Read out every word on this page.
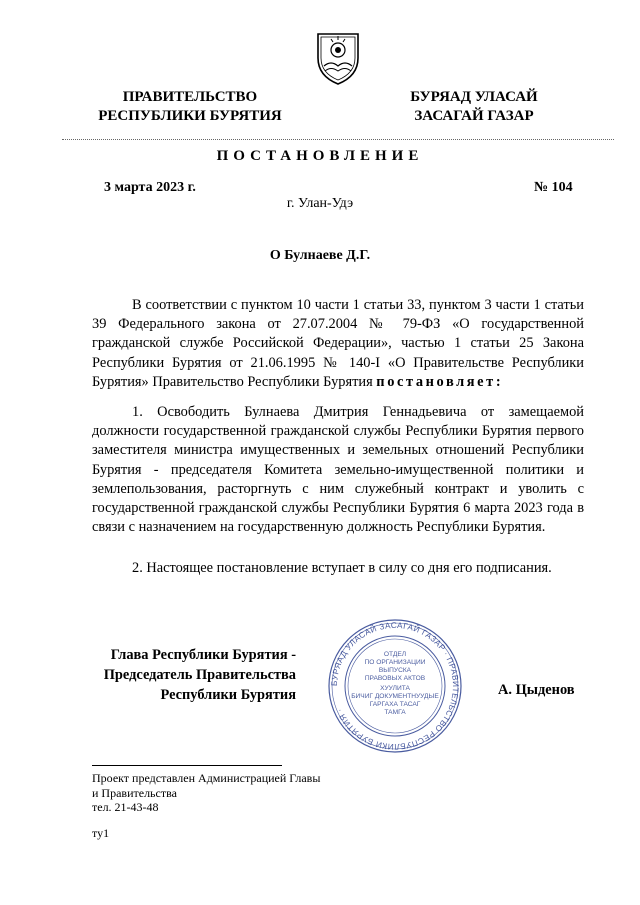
ПРАВИТЕЛЬСТВО
РЕСПУБЛИКИ БУРЯТИЯ
БУРЯАД УЛАСАЙ
ЗАСАГАЙ ГАЗАР
ПОСТАНОВЛЕНИЕ
3 марта 2023 г.	№ 104
г. Улан-Удэ
О Булнаеве Д.Г.
В соответствии с пунктом 10 части 1 статьи 33, пунктом 3 части 1 статьи 39 Федерального закона от 27.07.2004 № 79-ФЗ «О государственной гражданской службе Российской Федерации», частью 1 статьи 25 Закона Республики Бурятия от 21.06.1995 № 140-I «О Правительстве Республики Бурятия» Правительство Республики Бурятия постановляет:
1. Освободить Булнаева Дмитрия Геннадьевича от замещаемой должности государственной гражданской службы Республики Бурятия первого заместителя министра имущественных и земельных отношений Республики Бурятия - председателя Комитета земельно-имущественной политики и землепользования, расторгнуть с ним служебный контракт и уволить с государственной гражданской службы Республики Бурятия 6 марта 2023 года в связи с назначением на государственную должность Республики Бурятия.
2. Настоящее постановление вступает в силу со дня его подписания.
Глава Республики Бурятия -
Председатель Правительства
Республики Бурятия	А. Цыденов
БУРЯАД УЛАСАЙ ЗАСАГАЙ ГАЗАР · ПРАВИТЕЛЬСТВО РЕСПУБЛИКИ БУРЯТИЯ ·
ОТДЕЛ
ПО ОРГАНИЗАЦИИ
ВЫПУСКА
ПРАВОВЫХ АКТОВ
ХУУЛИТА
БИЧИГ ДОКУМЕНТНУУДЫЕ
ГАРГАХА ТАСАГ
ТАМГА
Проект представлен Администрацией Главы
и Правительства
тел. 21-43-48
ту1
